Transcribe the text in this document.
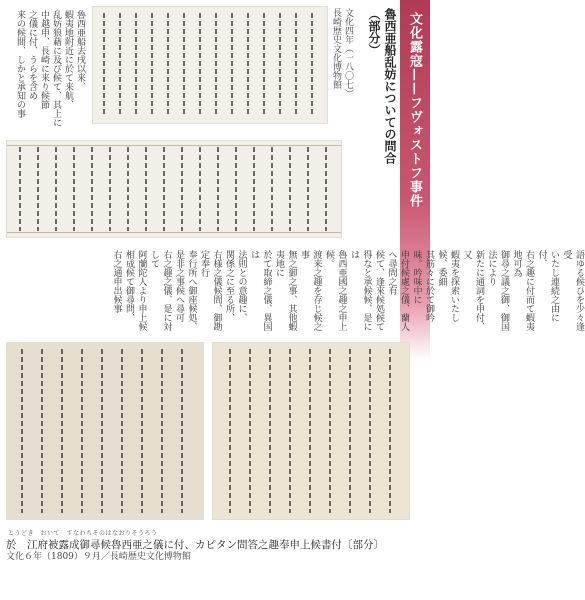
文化露寇——フヴォストフ事件
魯西亜船乱妨についての問合（部分）
文化四年（一八〇七）
長崎歴史文化博物館
魯西亜船去戌以来、
蝦夷地附近に於て来航、
乱妨狼藉に及び候て、其上に
中越申、長崎に来り候節
之儀に付、うらを含め
来の候間、しかと承知の事
語ゆる候ひを少々逢受
いたし連続之由に付、
右之趣に付而て蝦夷地可為
御尋之議之御、御国法により
新たに通詞を申付、又
蝦夷を探索いたし候、委細
其筋々に於て御吟味。吟味中に
申付候處之儀、蘭人へ尋問之有
候て、逢來候処候て
得なと承候候、是には
魯西亜國之趣之申上候。
渡来之趣を存じ候之事
無之御之事、其他蝦夷地に
於て取締之儀、異国は
法則との意趣に、
関係之に至る所、
右様之儀候間、御勘定奉行
奉行所へ御座候処、
是非之事候へ尋可
右之趣之儀、是に対して
阿蘭陀人より申上候
相成候て御尋問、
右之通申出候事
とうどき　おいて　すなわちそのはなおりそうろう
於　江府被露成御尋候魯西亜之儀に付、カピタン問答之趣奉申上候書付〔部分〕
文化６年（1809）９月／長崎歴史文化博物館
